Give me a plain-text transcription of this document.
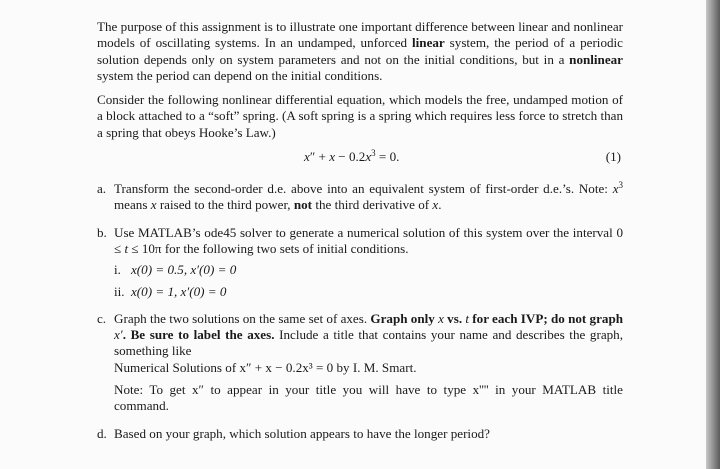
The purpose of this assignment is to illustrate one important difference between linear and nonlinear models of oscillating systems. In an undamped, unforced linear system, the period of a periodic solution depends only on system parameters and not on the initial conditions, but in a nonlinear system the period can depend on the initial conditions.

Consider the following nonlinear differential equation, which models the free, undamped motion of a block attached to a “soft” spring. (A soft spring is a spring which requires less force to stretch than a spring that obeys Hooke’s Law.)

$x'' + x - 0.2x^3 = 0$.	(1)
a. Transform the second-order d.e. above into an equivalent system of first-order d.e.’s. Note: $x^3$ means x raised to the third power, not the third derivative of x.
b. Use MATLAB’s ode45 solver to generate a numerical solution of this system over the interval 0 ≤ t ≤ 10π for the following two sets of initial conditions.
i. x(0) = 0.5, x′(0) = 0
ii. x(0) = 1, x′(0) = 0
c. Graph the two solutions on the same set of axes. Graph only x vs. t for each IVP; do not graph x′. Be sure to label the axes. Include a title that contains your name and describes the graph, something like
Numerical Solutions of x″ + x − 0.2x³ = 0 by I. M. Smart.
Note: To get x″ to appear in your title you will have to type x'''' in your MATLAB title command.
d. Based on your graph, which solution appears to have the longer period?
